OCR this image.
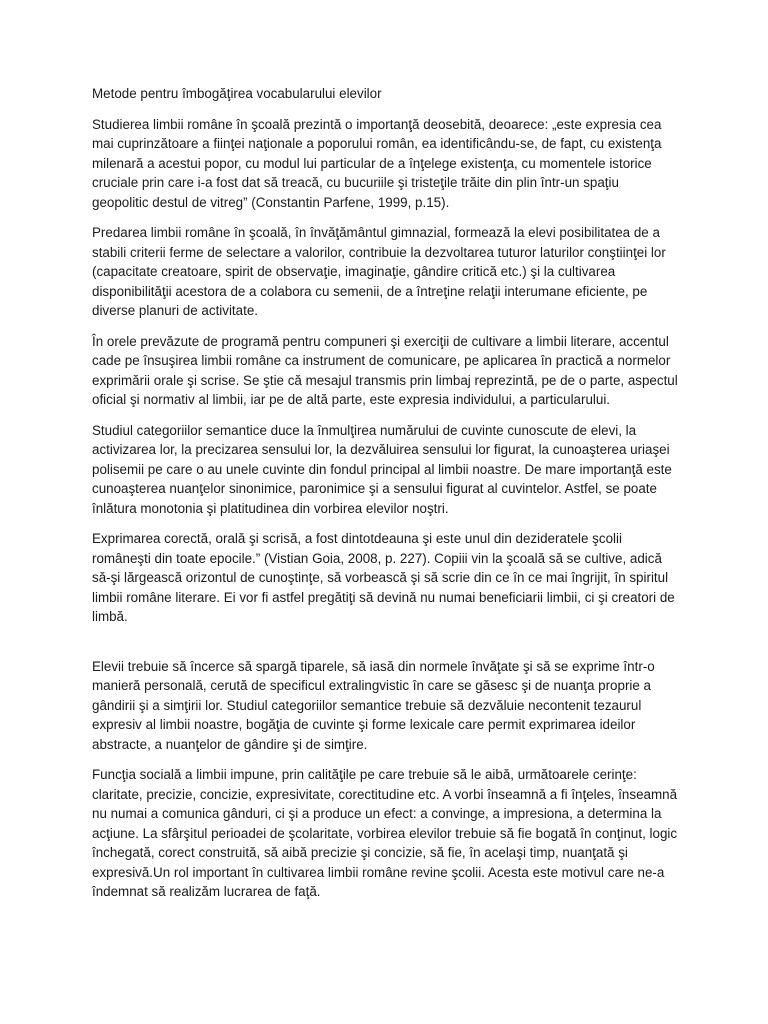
Metode pentru îmbogăţirea vocabularului elevilor

Studierea limbii române în şcoală prezintă o importanţă deosebită, deoarece: „este expresia cea mai cuprinzătoare a fiinţei naţionale a poporului român, ea identificându-se, de fapt, cu existenţa milenară a acestui popor, cu modul lui particular de a înţelege existenţa, cu momentele istorice cruciale prin care i-a fost dat să treacă, cu bucuriile şi tristeţile trăite din plin într-un spaţiu geopolitic destul de vitreg” (Constantin Parfene, 1999, p.15).

Predarea limbii române în şcoală, în învăţământul gimnazial, formează la elevi posibilitatea de a stabili criterii ferme de selectare a valorilor, contribuie la dezvoltarea tuturor laturilor conştiinţei lor (capacitate creatoare, spirit de observaţie, imaginaţie, gândire critică etc.) şi la cultivarea disponibilităţii acestora de a colabora cu semenii, de a întreţine relaţii interumane eficiente, pe diverse planuri de activitate.

În orele prevăzute de programă pentru compuneri şi exerciţii de cultivare a limbii literare, accentul cade pe însuşirea limbii române ca instrument de comunicare, pe aplicarea în practică a normelor exprimării orale şi scrise. Se ştie că mesajul transmis prin limbaj reprezintă, pe de o parte, aspectul oficial şi normativ al limbii, iar pe de altă parte, este expresia individului, a particularului.

Studiul categoriilor semantice duce la înmulţirea numărului de cuvinte cunoscute de elevi, la activizarea lor, la precizarea sensului lor, la dezvăluirea sensului lor figurat, la cunoaşterea uriaşei polisemii pe care o au unele cuvinte din fondul principal al limbii noastre. De mare importanţă este cunoaşterea nuanţelor sinonimice, paronimice şi a sensului figurat al cuvintelor. Astfel, se poate înlătura monotonia şi platitudinea din vorbirea elevilor noştri.

Exprimarea corectă, orală şi scrisă, a fost dintotdeauna şi este unul din dezideratele şcolii româneşti din toate epocile.” (Vistian Goia, 2008, p. 227). Copiii vin la şcoală să se cultive, adică să-şi lărgească orizontul de cunoştinţe, să vorbească şi să scrie din ce în ce mai îngrijit, în spiritul limbii române literare. Ei vor fi astfel pregătiţi să devină nu numai beneficiarii limbii, ci şi creatori de limbă.

Elevii trebuie să încerce să spargă tiparele, să iasă din normele învăţate şi să se exprime într-o manieră personală, cerută de specificul extralingvistic în care se găsesc şi de nuanţa proprie a gândirii şi a simţirii lor. Studiul categoriilor semantice trebuie să dezvăluie necontenit tezaurul expresiv al limbii noastre, bogăţia de cuvinte şi forme lexicale care permit exprimarea ideilor abstracte, a nuanţelor de gândire şi de simţire.

Funcţia socială a limbii impune, prin calităţile pe care trebuie să le aibă, următoarele cerinţe: claritate, precizie, concizie, expresivitate, corectitudine etc. A vorbi înseamnă a fi înţeles, înseamnă nu numai a comunica gânduri, ci şi a produce un efect: a convinge, a impresiona, a determina la acţiune. La sfârşitul perioadei de şcolaritate, vorbirea elevilor trebuie să fie bogată în conţinut, logic închegată, corect construită, să aibă precizie şi concizie, să fie, în acelaşi timp, nuanţată şi expresivă.Un rol important în cultivarea limbii române revine şcolii. Acesta este motivul care ne-a îndemnat să realizăm lucrarea de faţă.
